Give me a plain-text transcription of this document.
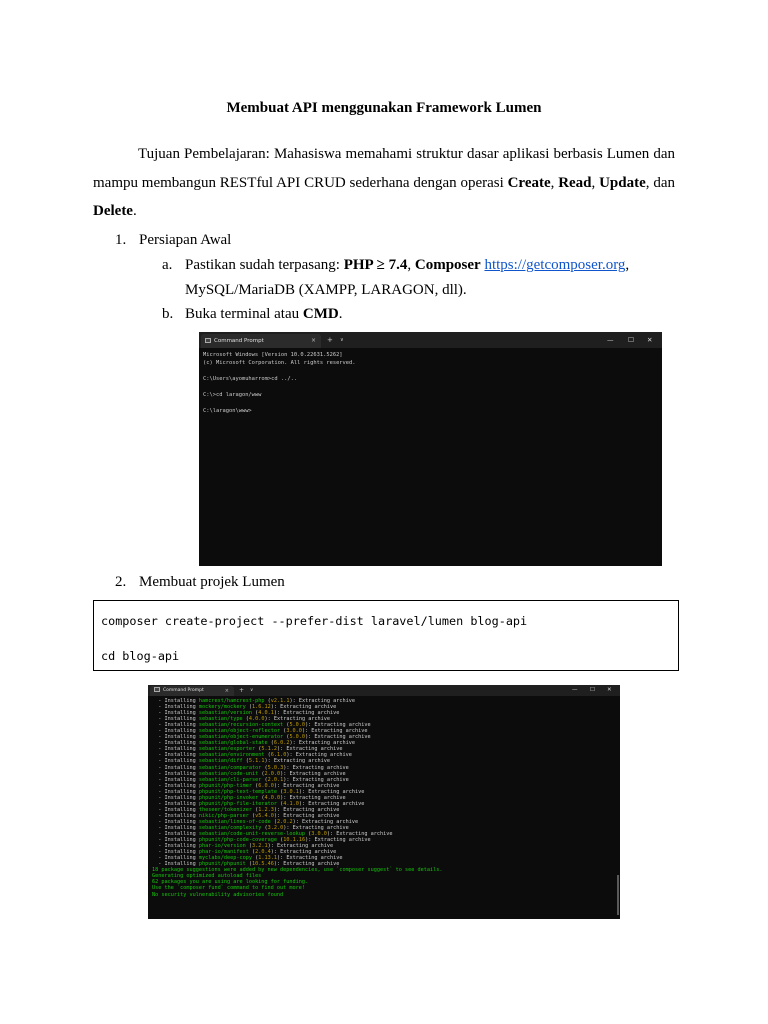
Membuat API menggunakan Framework Lumen
Tujuan Pembelajaran: Mahasiswa memahami struktur dasar aplikasi berbasis Lumen dan mampu membangun RESTful API CRUD sederhana dengan operasi Create, Read, Update, dan Delete.
1. Persiapan Awal
a. Pastikan sudah terpasang: PHP ≥ 7.4, Composer https://getcomposer.org,
MySQL/MariaDB (XAMPP, LARAGON, dll).
b. Buka terminal atau CMD.
Command Prompt	× + ∨	— ☐ ✕
Microsoft Windows [Version 10.0.22631.5262]
(c) Microsoft Corporation. All rights reserved.

C:\Users\ayomuharrom>cd ../..

C:\>cd laragon/www

C:\laragon\www>
2. Membuat projek Lumen
composer create-project --prefer-dist laravel/lumen blog-api
cd blog-api
Command Prompt	× + ∨	— ☐ ✕
- Installing hamcrest/hamcrest-php (v2.1.1): Extracting archive
- Installing mockery/mockery (1.6.12): Extracting archive
- Installing sebastian/version (4.0.1): Extracting archive
- Installing sebastian/type (4.0.0): Extracting archive
- Installing sebastian/recursion-context (5.0.0): Extracting archive
- Installing sebastian/object-reflector (3.0.0): Extracting archive
- Installing sebastian/object-enumerator (5.0.0): Extracting archive
- Installing sebastian/global-state (6.0.2): Extracting archive
- Installing sebastian/exporter (5.1.2): Extracting archive
- Installing sebastian/environment (6.1.0): Extracting archive
- Installing sebastian/diff (5.1.1): Extracting archive
- Installing sebastian/comparator (5.0.3): Extracting archive
- Installing sebastian/code-unit (2.0.0): Extracting archive
- Installing sebastian/cli-parser (2.0.1): Extracting archive
- Installing phpunit/php-timer (6.0.0): Extracting archive
- Installing phpunit/php-text-template (3.0.1): Extracting archive
- Installing phpunit/php-invoker (4.0.0): Extracting archive
- Installing phpunit/php-file-iterator (4.1.0): Extracting archive
- Installing theseer/tokenizer (1.2.3): Extracting archive
- Installing nikic/php-parser (v5.4.0): Extracting archive
- Installing sebastian/lines-of-code (2.0.2): Extracting archive
- Installing sebastian/complexity (3.2.0): Extracting archive
- Installing sebastian/code-unit-reverse-lookup (3.0.0): Extracting archive
- Installing phpunit/php-code-coverage (10.1.16): Extracting archive
- Installing phar-io/version (3.2.1): Extracting archive
- Installing phar-io/manifest (2.0.4): Extracting archive
- Installing myclabs/deep-copy (1.13.1): Extracting archive
- Installing phpunit/phpunit (10.5.46): Extracting archive
18 package suggestions were added by new dependencies, use `composer suggest` to see details.
Generating optimized autoload files
62 packages you are using are looking for funding.
Use the `composer fund` command to find out more!
No security vulnerability advisories found
